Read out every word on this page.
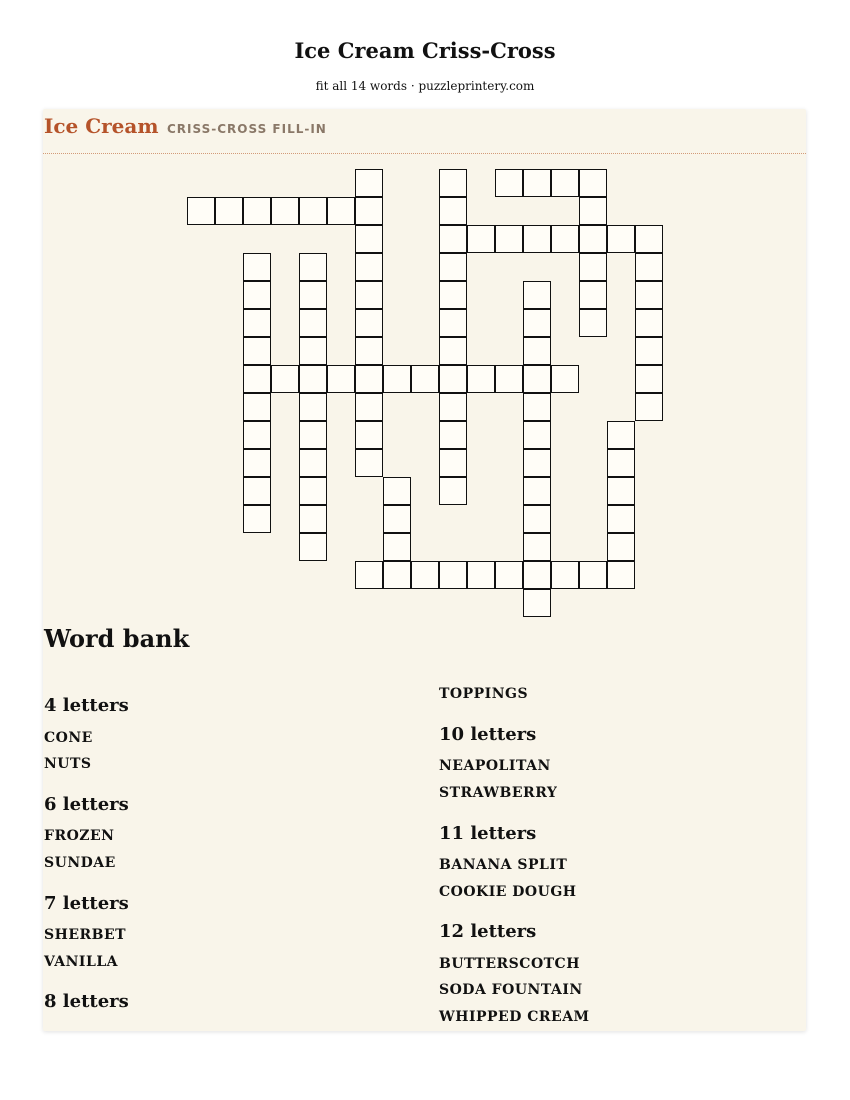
Ice Cream Criss-Cross
fit all 14 words · puzzleprintery.com
Ice Cream CRISS-CROSS FILL-IN
Word bank
4 letters
CONE
NUTS
6 letters
FROZEN
SUNDAE
7 letters
SHERBET
VANILLA
8 letters
TOPPINGS
10 letters
NEAPOLITAN
STRAWBERRY
11 letters
BANANA SPLIT
COOKIE DOUGH
12 letters
BUTTERSCOTCH
SODA FOUNTAIN
WHIPPED CREAM
